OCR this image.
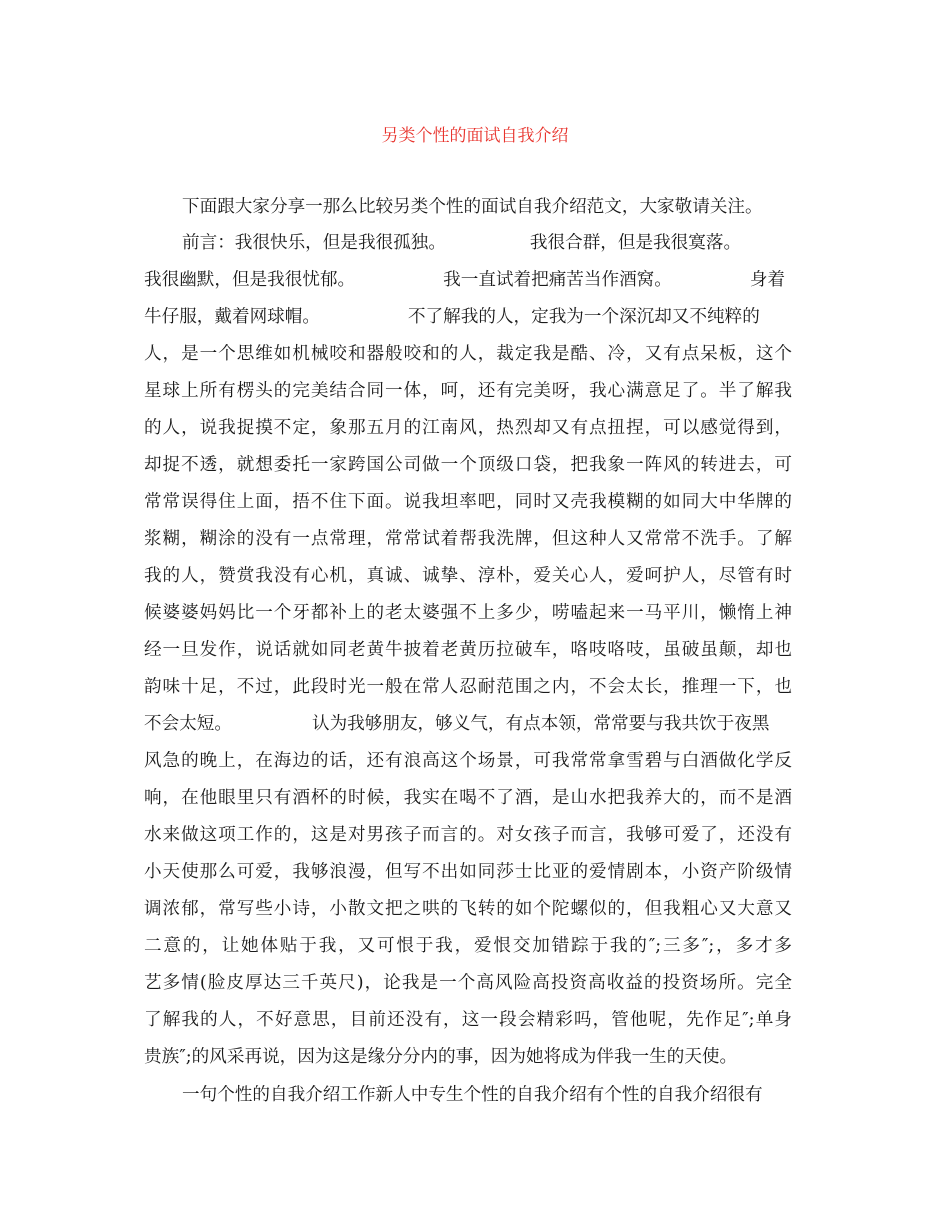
另类个性的面试自我介绍
下面跟大家分享一那么比较另类个性的面试自我介绍范文，大家敬请关注。
前言：我很快乐，但是我很孤独。	我很合群，但是我很寞落。
我很幽默，但是我很忧郁。	我一直试着把痛苦当作酒窝。	身着
牛仔服，戴着网球帽。	不了解我的人，定我为一个深沉却又不纯粹的
人，是一个思维如机械咬和器般咬和的人，裁定我是酷、冷，又有点呆板，这个
星球上所有楞头的完美结合同一体，呵，还有完美呀，我心满意足了。半了解我
的人，说我捉摸不定，象那五月的江南风，热烈却又有点扭捏，可以感觉得到，
却捉不透，就想委托一家跨国公司做一个顶级口袋，把我象一阵风的转进去，可
常常误得住上面，捂不住下面。说我坦率吧，同时又壳我模糊的如同大中华牌的
浆糊，糊涂的没有一点常理，常常试着帮我洗牌，但这种人又常常不洗手。了解
我的人，赞赏我没有心机，真诚、诚挚、淳朴，爱关心人，爱呵护人，尽管有时
候婆婆妈妈比一个牙都补上的老太婆强不上多少，唠嗑起来一马平川，懒惰上神
经一旦发作，说话就如同老黄牛披着老黄历拉破车，咯吱咯吱，虽破虽颠，却也
韵味十足，不过，此段时光一般在常人忍耐范围之内，不会太长，推理一下，也
不会太短。	认为我够朋友，够义气，有点本领，常常要与我共饮于夜黑
风急的晚上，在海边的话，还有浪高这个场景，可我常常拿雪碧与白酒做化学反
响，在他眼里只有酒杯的时候，我实在喝不了酒，是山水把我养大的，而不是酒
水来做这项工作的，这是对男孩子而言的。对女孩子而言，我够可爱了，还没有
小天使那么可爱，我够浪漫，但写不出如同莎士比亚的爱情剧本，小资产阶级情
调浓郁，常写些小诗，小散文把之哄的飞转的如个陀螺似的，但我粗心又大意又
二意的，让她体贴于我，又可恨于我，爱恨交加错踪于我的″;三多″;，多才多
艺多情(脸皮厚达三千英尺)，论我是一个高风险高投资高收益的投资场所。完全
了解我的人，不好意思，目前还没有，这一段会精彩吗，管他呢，先作足″;单身
贵族″;的风采再说，因为这是缘分分内的事，因为她将成为伴我一生的天使。
一句个性的自我介绍工作新人中专生个性的自我介绍有个性的自我介绍很有
